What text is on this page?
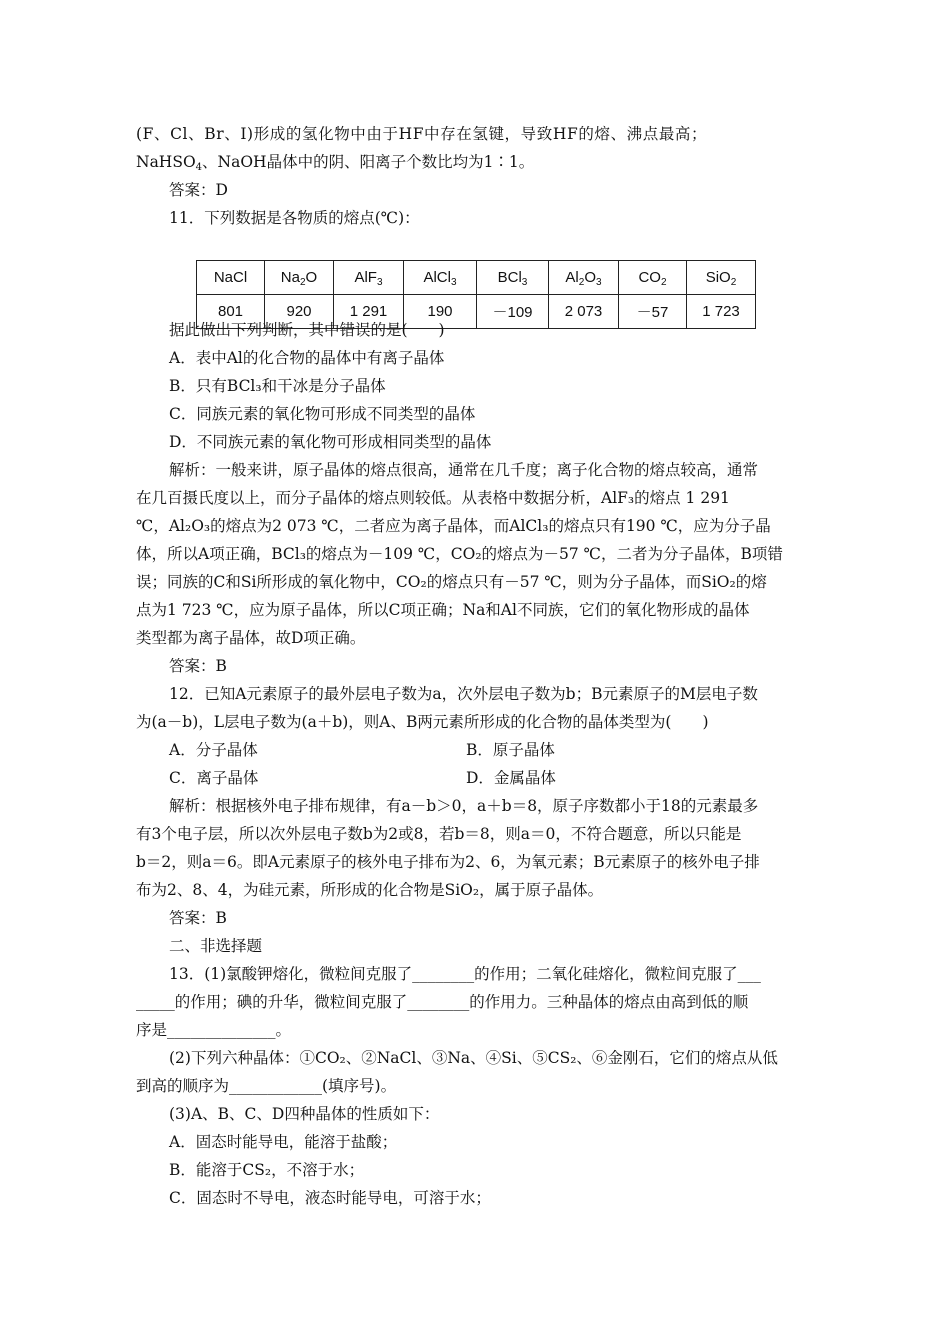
(F、Cl、Br、I)形成的氢化物中由于HF中存在氢键，导致HF的熔、沸点最高；
NaHSO$_4$、NaOH晶体中的阴、阳离子个数比均为1∶1。
答案：D
11．下列数据是各物质的熔点(℃)：
NaCl	$Na_2O$	AlF$_3$	AlCl$_3$	BCl$_3$	$Al_2O_3$	$CO_2$	SiO$_2$
801	920	1 291	190	－109	2 073	－57	1 723
据此做出下列判断，其中错误的是(　　)
A．表中Al的化合物的晶体中有离子晶体
B．只有BCl₃和干冰是分子晶体
C．同族元素的氧化物可形成不同类型的晶体
D．不同族元素的氧化物可形成相同类型的晶体
解析：一般来讲，原子晶体的熔点很高，通常在几千度；离子化合物的熔点较高，通常
在几百摄氏度以上，而分子晶体的熔点则较低。从表格中数据分析，AlF₃的熔点 1 291
℃，Al₂O₃的熔点为2 073 ℃，二者应为离子晶体，而AlCl₃的熔点只有190 ℃，应为分子晶
体，所以A项正确，BCl₃的熔点为－109 ℃，CO₂的熔点为－57 ℃，二者为分子晶体，B项错
误；同族的C和Si所形成的氧化物中，CO₂的熔点只有－57 ℃，则为分子晶体，而SiO₂的熔
点为1 723 ℃，应为原子晶体，所以C项正确；Na和Al不同族，它们的氧化物形成的晶体
类型都为离子晶体，故D项正确。
答案：B
12．已知A元素原子的最外层电子数为a，次外层电子数为b；B元素原子的M层电子数
为(a－b)，L层电子数为(a＋b)，则A、B两元素所形成的化合物的晶体类型为(　　)
A．分子晶体	B．原子晶体
C．离子晶体	D．金属晶体
解析：根据核外电子排布规律，有a－b＞0，a＋b＝8，原子序数都小于18的元素最多
有3个电子层，所以次外层电子数b为2或8，若b＝8，则a＝0，不符合题意，所以只能是
b＝2，则a＝6。即A元素原子的核外电子排布为2、6，为氧元素；B元素原子的核外电子排
布为2、8、4，为硅元素，所形成的化合物是SiO₂，属于原子晶体。
答案：B
二、非选择题
13．(1)氯酸钾熔化，微粒间克服了________的作用；二氧化硅熔化，微粒间克服了___
_____的作用；碘的升华，微粒间克服了________的作用力。三种晶体的熔点由高到低的顺
序是______________。
(2)下列六种晶体：①CO₂、②NaCl、③Na、④Si、⑤CS₂、⑥金刚石，它们的熔点从低
到高的顺序为____________(填序号)。
(3)A、B、C、D四种晶体的性质如下：
A．固态时能导电，能溶于盐酸；
B．能溶于CS₂，不溶于水；
C．固态时不导电，液态时能导电，可溶于水；
